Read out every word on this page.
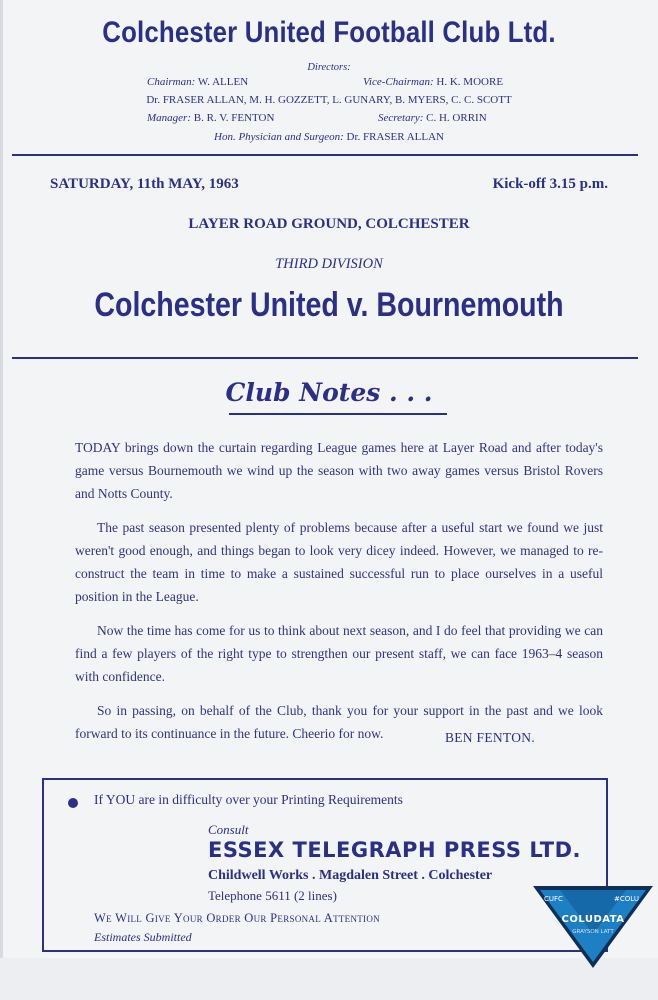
Colchester United Football Club Ltd.
Directors:
Chairman: W. ALLEN	Vice-Chairman: H. K. MOORE
Dr. FRASER ALLAN, M. H. GOZZETT, L. GUNARY, B. MYERS, C. C. SCOTT
Manager: B. R. V. FENTON	Secretary: C. H. ORRIN
Hon. Physician and Surgeon: Dr. FRASER ALLAN
SATURDAY, 11th MAY, 1963	Kick-off 3.15 p.m.
LAYER ROAD GROUND, COLCHESTER
THIRD DIVISION
Colchester United v. Bournemouth
Club Notes . . .

TODAY brings down the curtain regarding League games here at Layer Road and after today's game versus Bournemouth we wind up the season with two away games versus Bristol Rovers and Notts County.

The past season presented plenty of problems because after a useful start we found we just weren't good enough, and things began to look very dicey indeed. However, we managed to re-construct the team in time to make a sustained successful run to place ourselves in a useful position in the League.

Now the time has come for us to think about next season, and I do feel that providing we can find a few players of the right type to strengthen our present staff, we can face 1963–4 season with confidence.

So in passing, on behalf of the Club, thank you for your support in the past and we look forward to its continuance in the future. Cheerio for now.	BEN FENTON.
If YOU are in difficulty over your Printing Requirements
Consult
ESSEX TELEGRAPH PRESS LTD.
Childwell Works . Magdalen Street . Colchester
Telephone 5611 (2 lines)
We Will Give Your Order Our Personal Attention
Estimates Submitted
CUFC	#COLU
COLUDATA
GRAYSON LATT
